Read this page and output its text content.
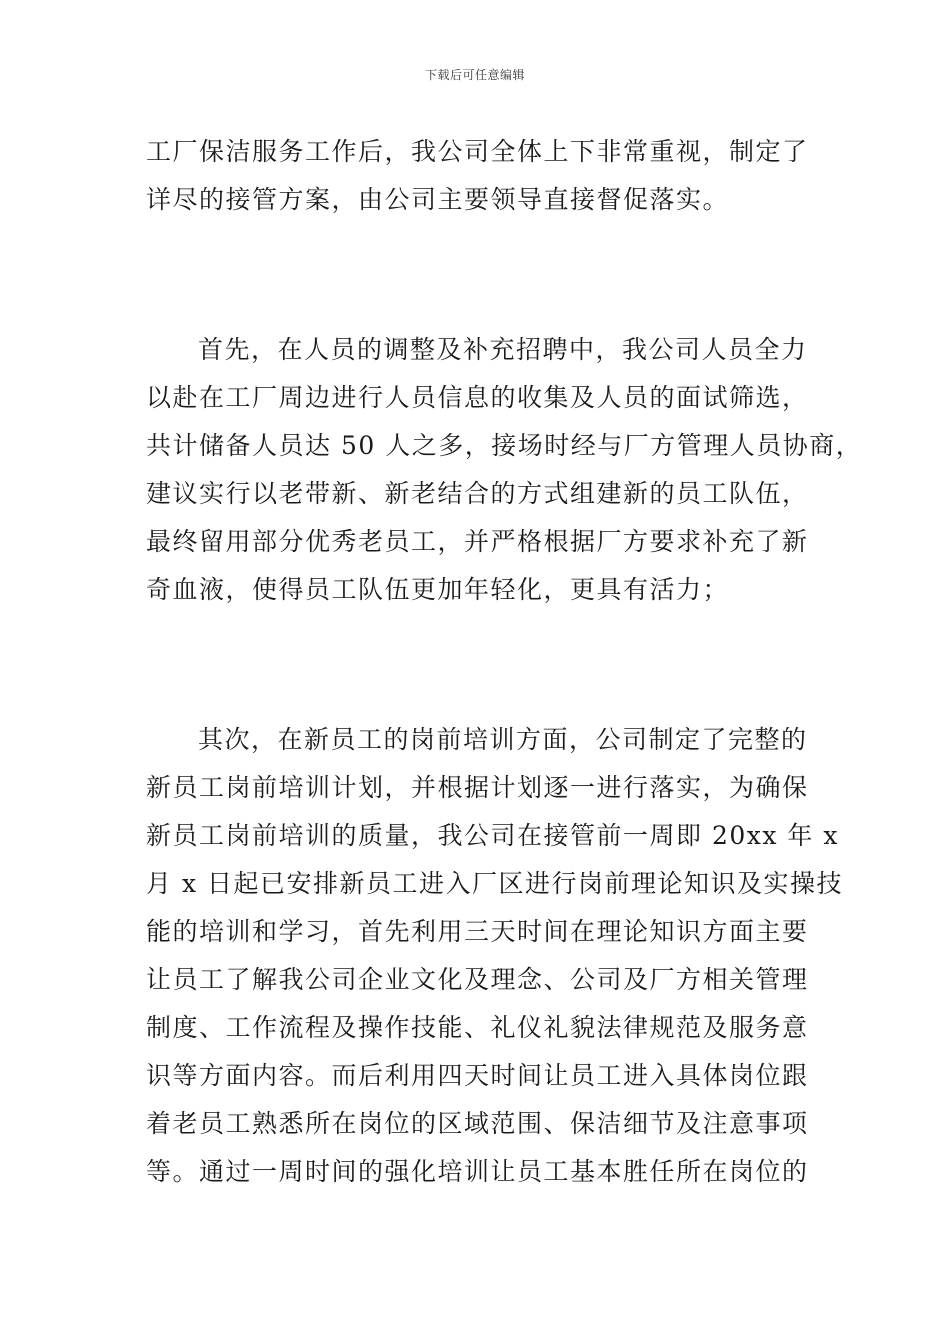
下载后可任意编辑
工厂保洁服务工作后，我公司全体上下非常重视，制定了
详尽的接管方案，由公司主要领导直接督促落实。
首先，在人员的调整及补充招聘中，我公司人员全力
以赴在工厂周边进行人员信息的收集及人员的面试筛选，
共计储备人员达 50 人之多，接场时经与厂方管理人员协商，
建议实行以老带新、新老结合的方式组建新的员工队伍，
最终留用部分优秀老员工，并严格根据厂方要求补充了新
奇血液，使得员工队伍更加年轻化，更具有活力；
其次，在新员工的岗前培训方面，公司制定了完整的
新员工岗前培训计划，并根据计划逐一进行落实，为确保
新员工岗前培训的质量，我公司在接管前一周即 20xx 年 x
月 x 日起已安排新员工进入厂区进行岗前理论知识及实操技
能的培训和学习，首先利用三天时间在理论知识方面主要
让员工了解我公司企业文化及理念、公司及厂方相关管理
制度、工作流程及操作技能、礼仪礼貌法律规范及服务意
识等方面内容。而后利用四天时间让员工进入具体岗位跟
着老员工熟悉所在岗位的区域范围、保洁细节及注意事项
等。通过一周时间的强化培训让员工基本胜任所在岗位的
